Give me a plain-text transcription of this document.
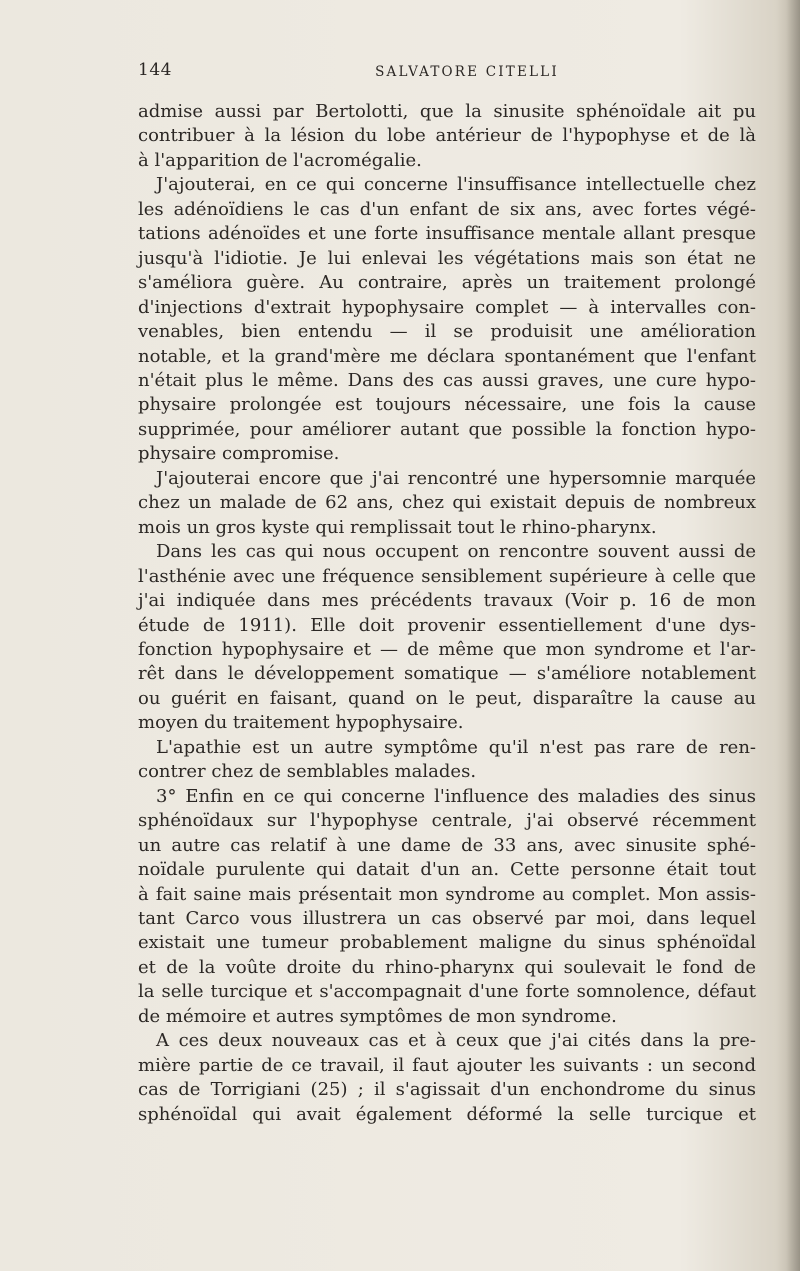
144	SALVATORE CITELLI
admise aussi par Bertolotti, que la sinusite sphénoïdale ait pu
contribuer à la lésion du lobe antérieur de l'hypophyse et de là
à l'apparition de l'acromégalie.
J'ajouterai, en ce qui concerne l'insuffisance intellectuelle chez
les adénoïdiens le cas d'un enfant de six ans, avec fortes végé-
tations adénoïdes et une forte insuffisance mentale allant presque
jusqu'à l'idiotie. Je lui enlevai les végétations mais son état ne
s'améliora guère. Au contraire, après un traitement prolongé
d'injections d'extrait hypophysaire complet — à intervalles con-
venables, bien entendu — il se produisit une amélioration
notable, et la grand'mère me déclara spontanément que l'enfant
n'était plus le même. Dans des cas aussi graves, une cure hypo-
physaire prolongée est toujours nécessaire, une fois la cause
supprimée, pour améliorer autant que possible la fonction hypo-
physaire compromise.
J'ajouterai encore que j'ai rencontré une hypersomnie marquée
chez un malade de 62 ans, chez qui existait depuis de nombreux
mois un gros kyste qui remplissait tout le rhino-pharynx.
Dans les cas qui nous occupent on rencontre souvent aussi de
l'asthénie avec une fréquence sensiblement supérieure à celle que
j'ai indiquée dans mes précédents travaux (Voir p. 16 de mon
étude de 1911). Elle doit provenir essentiellement d'une dys-
fonction hypophysaire et — de même que mon syndrome et l'ar-
rêt dans le développement somatique — s'améliore notablement
ou guérit en faisant, quand on le peut, disparaître la cause au
moyen du traitement hypophysaire.
L'apathie est un autre symptôme qu'il n'est pas rare de ren-
contrer chez de semblables malades.
3° Enfin en ce qui concerne l'influence des maladies des sinus
sphénoïdaux sur l'hypophyse centrale, j'ai observé récemment
un autre cas relatif à une dame de 33 ans, avec sinusite sphé-
noïdale purulente qui datait d'un an. Cette personne était tout
à fait saine mais présentait mon syndrome au complet. Mon assis-
tant Carco vous illustrera un cas observé par moi, dans lequel
existait une tumeur probablement maligne du sinus sphénoïdal
et de la voûte droite du rhino-pharynx qui soulevait le fond de
la selle turcique et s'accompagnait d'une forte somnolence, défaut
de mémoire et autres symptômes de mon syndrome.
A ces deux nouveaux cas et à ceux que j'ai cités dans la pre-
mière partie de ce travail, il faut ajouter les suivants : un second
cas de Torrigiani (25) ; il s'agissait d'un enchondrome du sinus
sphénoïdal qui avait également déformé la selle turcique et
